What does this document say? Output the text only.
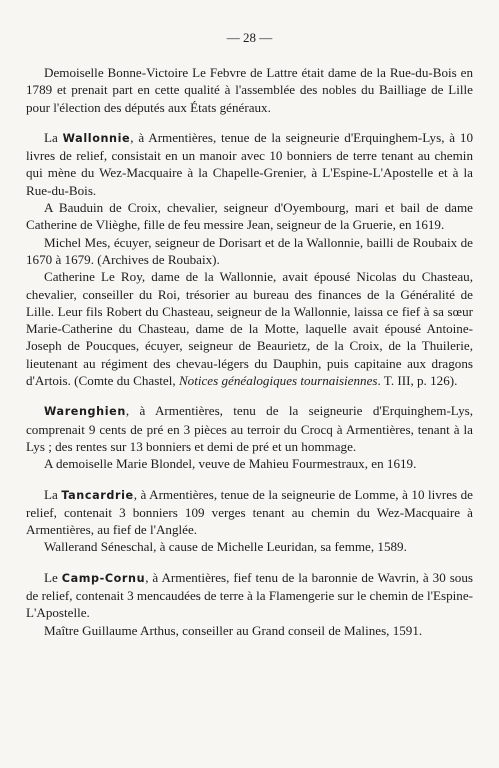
— 28 —

Demoiselle Bonne-Victoire Le Febvre de Lattre était dame de la Rue-du-Bois en 1789 et prenait part en cette qualité à l'assemblée des nobles du Bailliage de Lille pour l'élection des députés aux États généraux.

La Wallonnie, à Armentières, tenue de la seigneurie d'Erquinghem-Lys, à 10 livres de relief, consistait en un manoir avec 10 bonniers de terre tenant au chemin qui mène du Wez-Macquaire à la Chapelle-Grenier, à L'Espine-L'Apostelle et à la Rue-du-Bois.

A Bauduin de Croix, chevalier, seigneur d'Oyembourg, mari et bail de dame Catherine de Vlièghe, fille de feu messire Jean, seigneur de la Gruerie, en 1619.

Michel Mes, écuyer, seigneur de Dorisart et de la Wallonnie, bailli de Roubaix de 1670 à 1679. (Archives de Roubaix).

Catherine Le Roy, dame de la Wallonnie, avait épousé Nicolas du Chasteau, chevalier, conseiller du Roi, trésorier au bureau des finances de la Généralité de Lille. Leur fils Robert du Chasteau, seigneur de la Wallonnie, laissa ce fief à sa sœur Marie-Catherine du Chasteau, dame de la Motte, laquelle avait épousé Antoine-Joseph de Poucques, écuyer, seigneur de Beaurietz, de la Croix, de la Thuilerie, lieutenant au régiment des chevau-légers du Dauphin, puis capitaine aux dragons d'Artois. (Comte du Chastel, Notices généalogiques tournaisiennes. T. III, p. 126).

Warenghien, à Armentières, tenu de la seigneurie d'Erquinghem-Lys, comprenait 9 cents de pré en 3 pièces au terroir du Crocq à Armentières, tenant à la Lys ; des rentes sur 13 bonniers et demi de pré et un hommage.

A demoiselle Marie Blondel, veuve de Mahieu Fourmestraux, en 1619.

La Tancardrie, à Armentières, tenue de la seigneurie de Lomme, à 10 livres de relief, contenait 3 bonniers 109 verges tenant au chemin du Wez-Macquaire à Armentières, au fief de l'Anglée.

Wallerand Séneschal, à cause de Michelle Leuridan, sa femme, 1589.

Le Camp-Cornu, à Armentières, fief tenu de la baronnie de Wavrin, à 30 sous de relief, contenait 3 mencaudées de terre à la Flamengerie sur le chemin de l'Espine-L'Apostelle.

Maître Guillaume Arthus, conseiller au Grand conseil de Malines, 1591.
